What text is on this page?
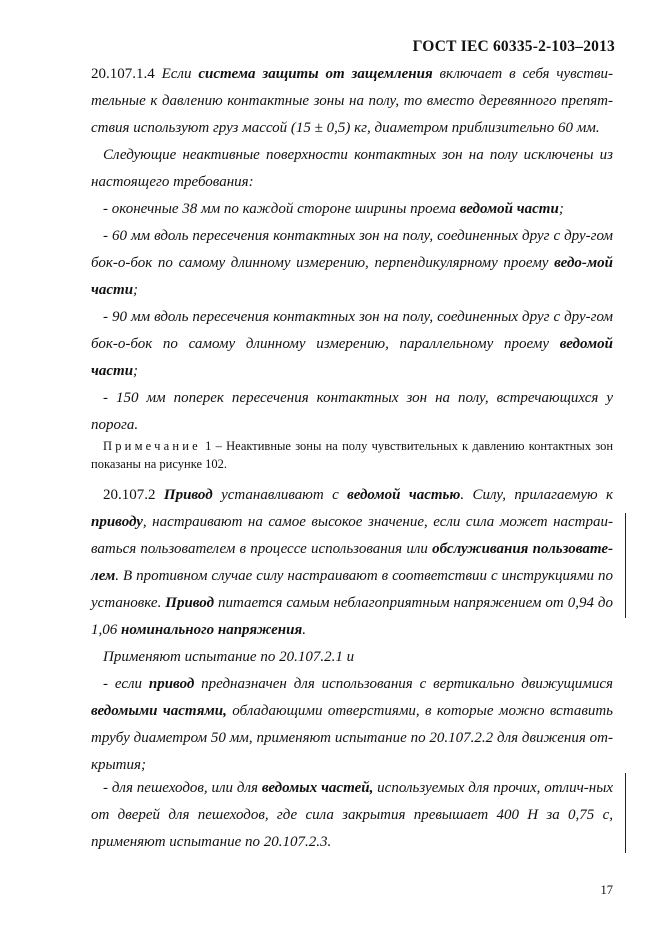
ГОСТ IEC 60335-2-103–2013

20.107.1.4 Если система защиты от защемления включает в себя чувстви-тельные к давлению контактные зоны на полу, то вместо деревянного препят-ствия используют груз массой (15 ± 0,5) кг, диаметром приблизительно 60 мм.

Следующие неактивные поверхности контактных зон на полу исключены из настоящего требования:

- оконечные 38 мм по каждой стороне ширины проема ведомой части;

- 60 мм вдоль пересечения контактных зон на полу, соединенных друг с дру-гом бок-о-бок по самому длинному измерению, перпендикулярному проему ведо-мой части;

- 90 мм вдоль пересечения контактных зон на полу, соединенных друг с дру-гом бок-о-бок по самому длинному измерению, параллельному проему ведомой части;

- 150 мм поперек пересечения контактных зон на полу, встречающихся у порога.

Примечание 1 – Неактивные зоны на полу чувствительных к давлению контактных зон показаны на рисунке 102.

20.107.2 Привод устанавливают с ведомой частью. Силу, прилагаемую к приводу, настраивают на самое высокое значение, если сила может настраи-ваться пользователем в процессе использования или обслуживания пользовате-лем. В противном случае силу настраивают в соответствии с инструкциями по установке. Привод питается самым неблагоприятным напряжением от 0,94 до 1,06 номинального напряжения.

Применяют испытание по 20.107.2.1 и

- если привод предназначен для использования с вертикально движущимися ведомыми частями, обладающими отверстиями, в которые можно вставить трубу диаметром 50 мм, применяют испытание по 20.107.2.2 для движения от-крытия;

- для пешеходов, или для ведомых частей, используемых для прочих, отлич-ных от дверей для пешеходов, где сила закрытия превышает 400 Н за 0,75 с, применяют испытание по 20.107.2.3.

17
